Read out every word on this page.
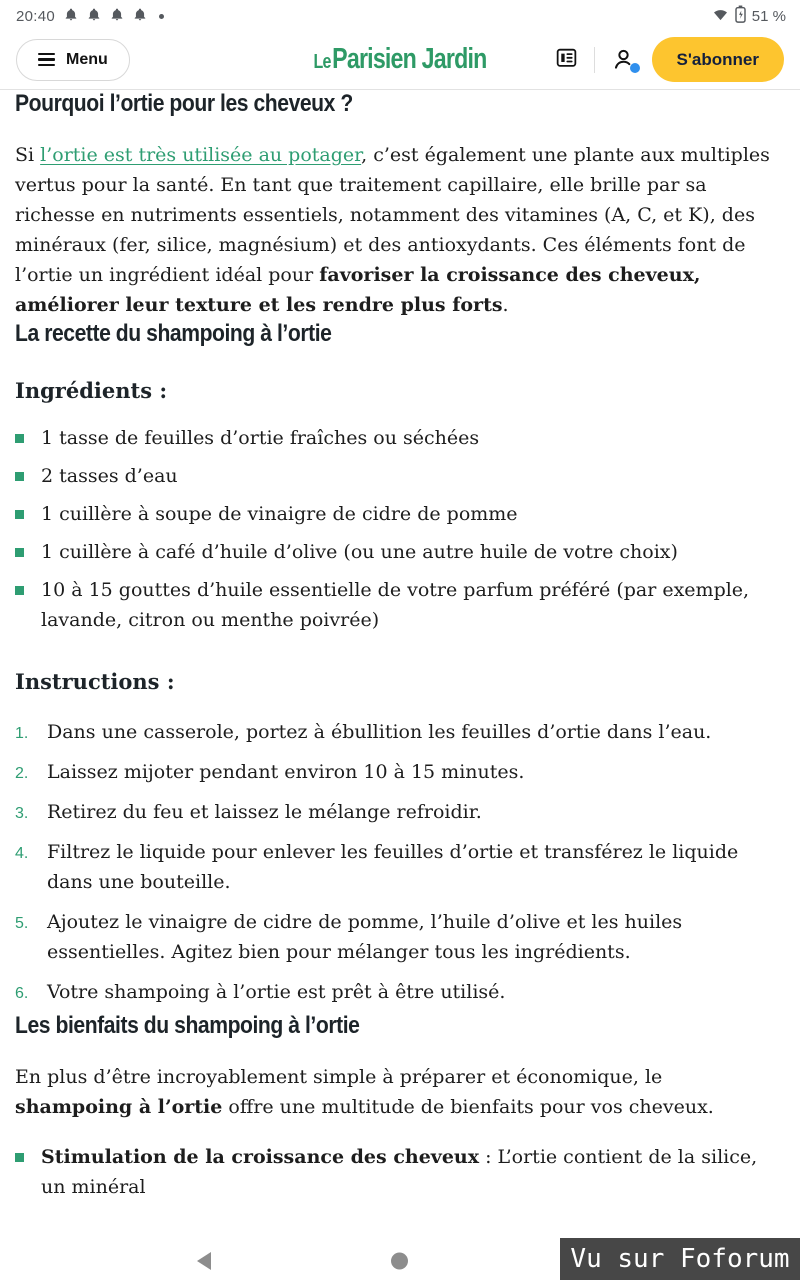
20:40	51 %
Menu	Le Parisien Jardin	S'abonner
Pourquoi l’ortie pour les cheveux ?

Si l’ortie est très utilisée au potager, c’est également une plante aux multiples vertus pour la santé. En tant que traitement capillaire, elle brille par sa richesse en nutriments essentiels, notamment des vitamines (A, C, et K), des minéraux (fer, silice, magnésium) et des antioxydants. Ces éléments font de l’ortie un ingrédient idéal pour favoriser la croissance des cheveux, améliorer leur texture et les rendre plus forts.

La recette du shampoing à l’ortie
Ingrédients :
1 tasse de feuilles d’ortie fraîches ou séchées
2 tasses d’eau
1 cuillère à soupe de vinaigre de cidre de pomme
1 cuillère à café d’huile d’olive (ou une autre huile de votre choix)
10 à 15 gouttes d’huile essentielle de votre parfum préféré (par exemple, lavande, citron ou menthe poivrée)
Instructions :
1. Dans une casserole, portez à ébullition les feuilles d’ortie dans l’eau.
2. Laissez mijoter pendant environ 10 à 15 minutes.
3. Retirez du feu et laissez le mélange refroidir.
4. Filtrez le liquide pour enlever les feuilles d’ortie et transférez le liquide dans une bouteille.
5. Ajoutez le vinaigre de cidre de pomme, l’huile d’olive et les huiles essentielles. Agitez bien pour mélanger tous les ingrédients.
6. Votre shampoing à l’ortie est prêt à être utilisé.
Les bienfaits du shampoing à l’ortie

En plus d’être incroyablement simple à préparer et économique, le shampoing à l’ortie offre une multitude de bienfaits pour vos cheveux.

Stimulation de la croissance des cheveux : L’ortie contient de la silice, un minéral
Vu sur Foforum
